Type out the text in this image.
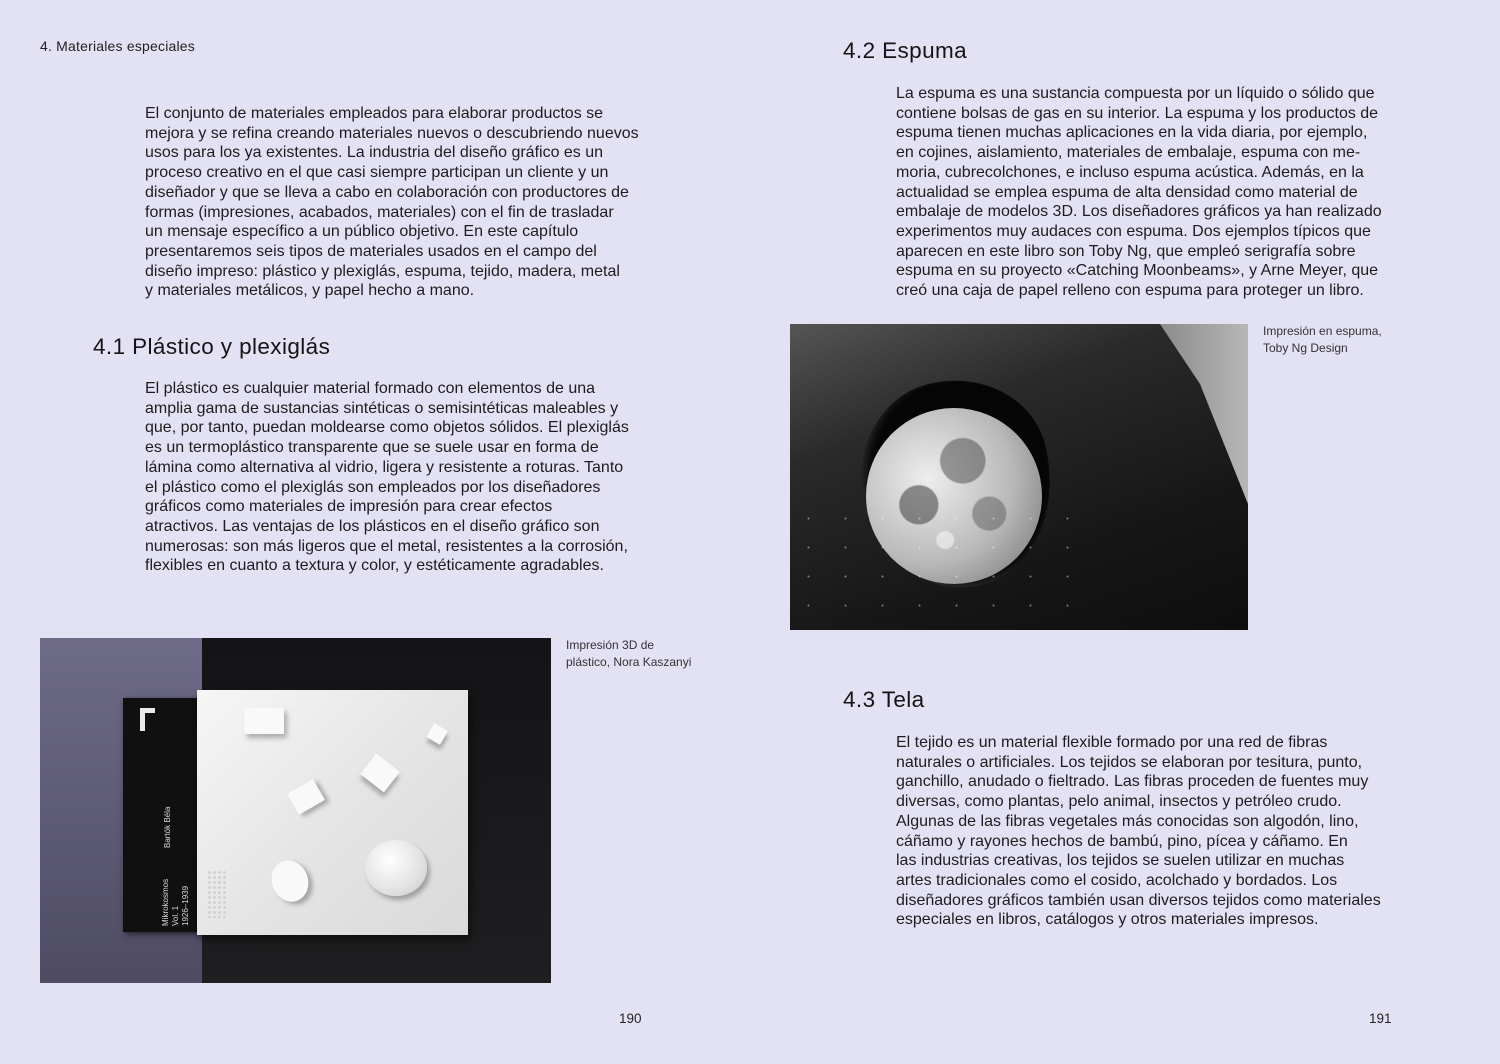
4. Materiales especiales
El conjunto de materiales empleados para elaborar productos se
mejora y se refina creando materiales nuevos o descubriendo nuevos
usos para los ya existentes. La industria del diseño gráfico es un
proceso creativo en el que casi siempre participan un cliente y un
diseñador y que se lleva a cabo en colaboración con productores de
formas (impresiones, acabados, materiales) con el fin de trasladar
un mensaje específico a un público objetivo. En este capítulo
presentaremos seis tipos de materiales usados en el campo del
diseño impreso: plástico y plexiglás, espuma, tejido, madera, metal
y materiales metálicos, y papel hecho a mano.
4.1 Plástico y plexiglás
El plástico es cualquier material formado con elementos de una
amplia gama de sustancias sintéticas o semisintéticas maleables y
que, por tanto, puedan moldearse como objetos sólidos. El plexiglás
es un termoplástico transparente que se suele usar en forma de
lámina como alternativa al vidrio, ligera y resistente a roturas. Tanto
el plástico como el plexiglás son empleados por los diseñadores
gráficos como materiales de impresión para crear efectos
atractivos. Las ventajas de los plásticos en el diseño gráfico son
numerosas: son más ligeros que el metal, resistentes a la corrosión,
flexibles en cuanto a textura y color, y estéticamente agradables.
Bartók Béla
Mikrokosmos Vol. 1 1926–1939
Impresión 3D de
plástico, Nora Kaszanyi
190
4.2 Espuma
La espuma es una sustancia compuesta por un líquido o sólido que
contiene bolsas de gas en su interior. La espuma y los productos de
espuma tienen muchas aplicaciones en la vida diaria, por ejemplo,
en cojines, aislamiento, materiales de embalaje, espuma con me-
moria, cubrecolchones, e incluso espuma acústica. Además, en la
actualidad se emplea espuma de alta densidad como material de
embalaje de modelos 3D. Los diseñadores gráficos ya han realizado
experimentos muy audaces con espuma. Dos ejemplos típicos que
aparecen en este libro son Toby Ng, que empleó serigrafía sobre
espuma en su proyecto «Catching Moonbeams», y Arne Meyer, que
creó una caja de papel relleno con espuma para proteger un libro.
Impresión en espuma,
Toby Ng Design
4.3 Tela
El tejido es un material flexible formado por una red de fibras
naturales o artificiales. Los tejidos se elaboran por tesitura, punto,
ganchillo, anudado o fieltrado. Las fibras proceden de fuentes muy
diversas, como plantas, pelo animal, insectos y petróleo crudo.
Algunas de las fibras vegetales más conocidas son algodón, lino,
cáñamo y rayones hechos de bambú, pino, pícea y cáñamo. En
las industrias creativas, los tejidos se suelen utilizar en muchas
artes tradicionales como el cosido, acolchado y bordados. Los
diseñadores gráficos también usan diversos tejidos como materiales
especiales en libros, catálogos y otros materiales impresos.
191
